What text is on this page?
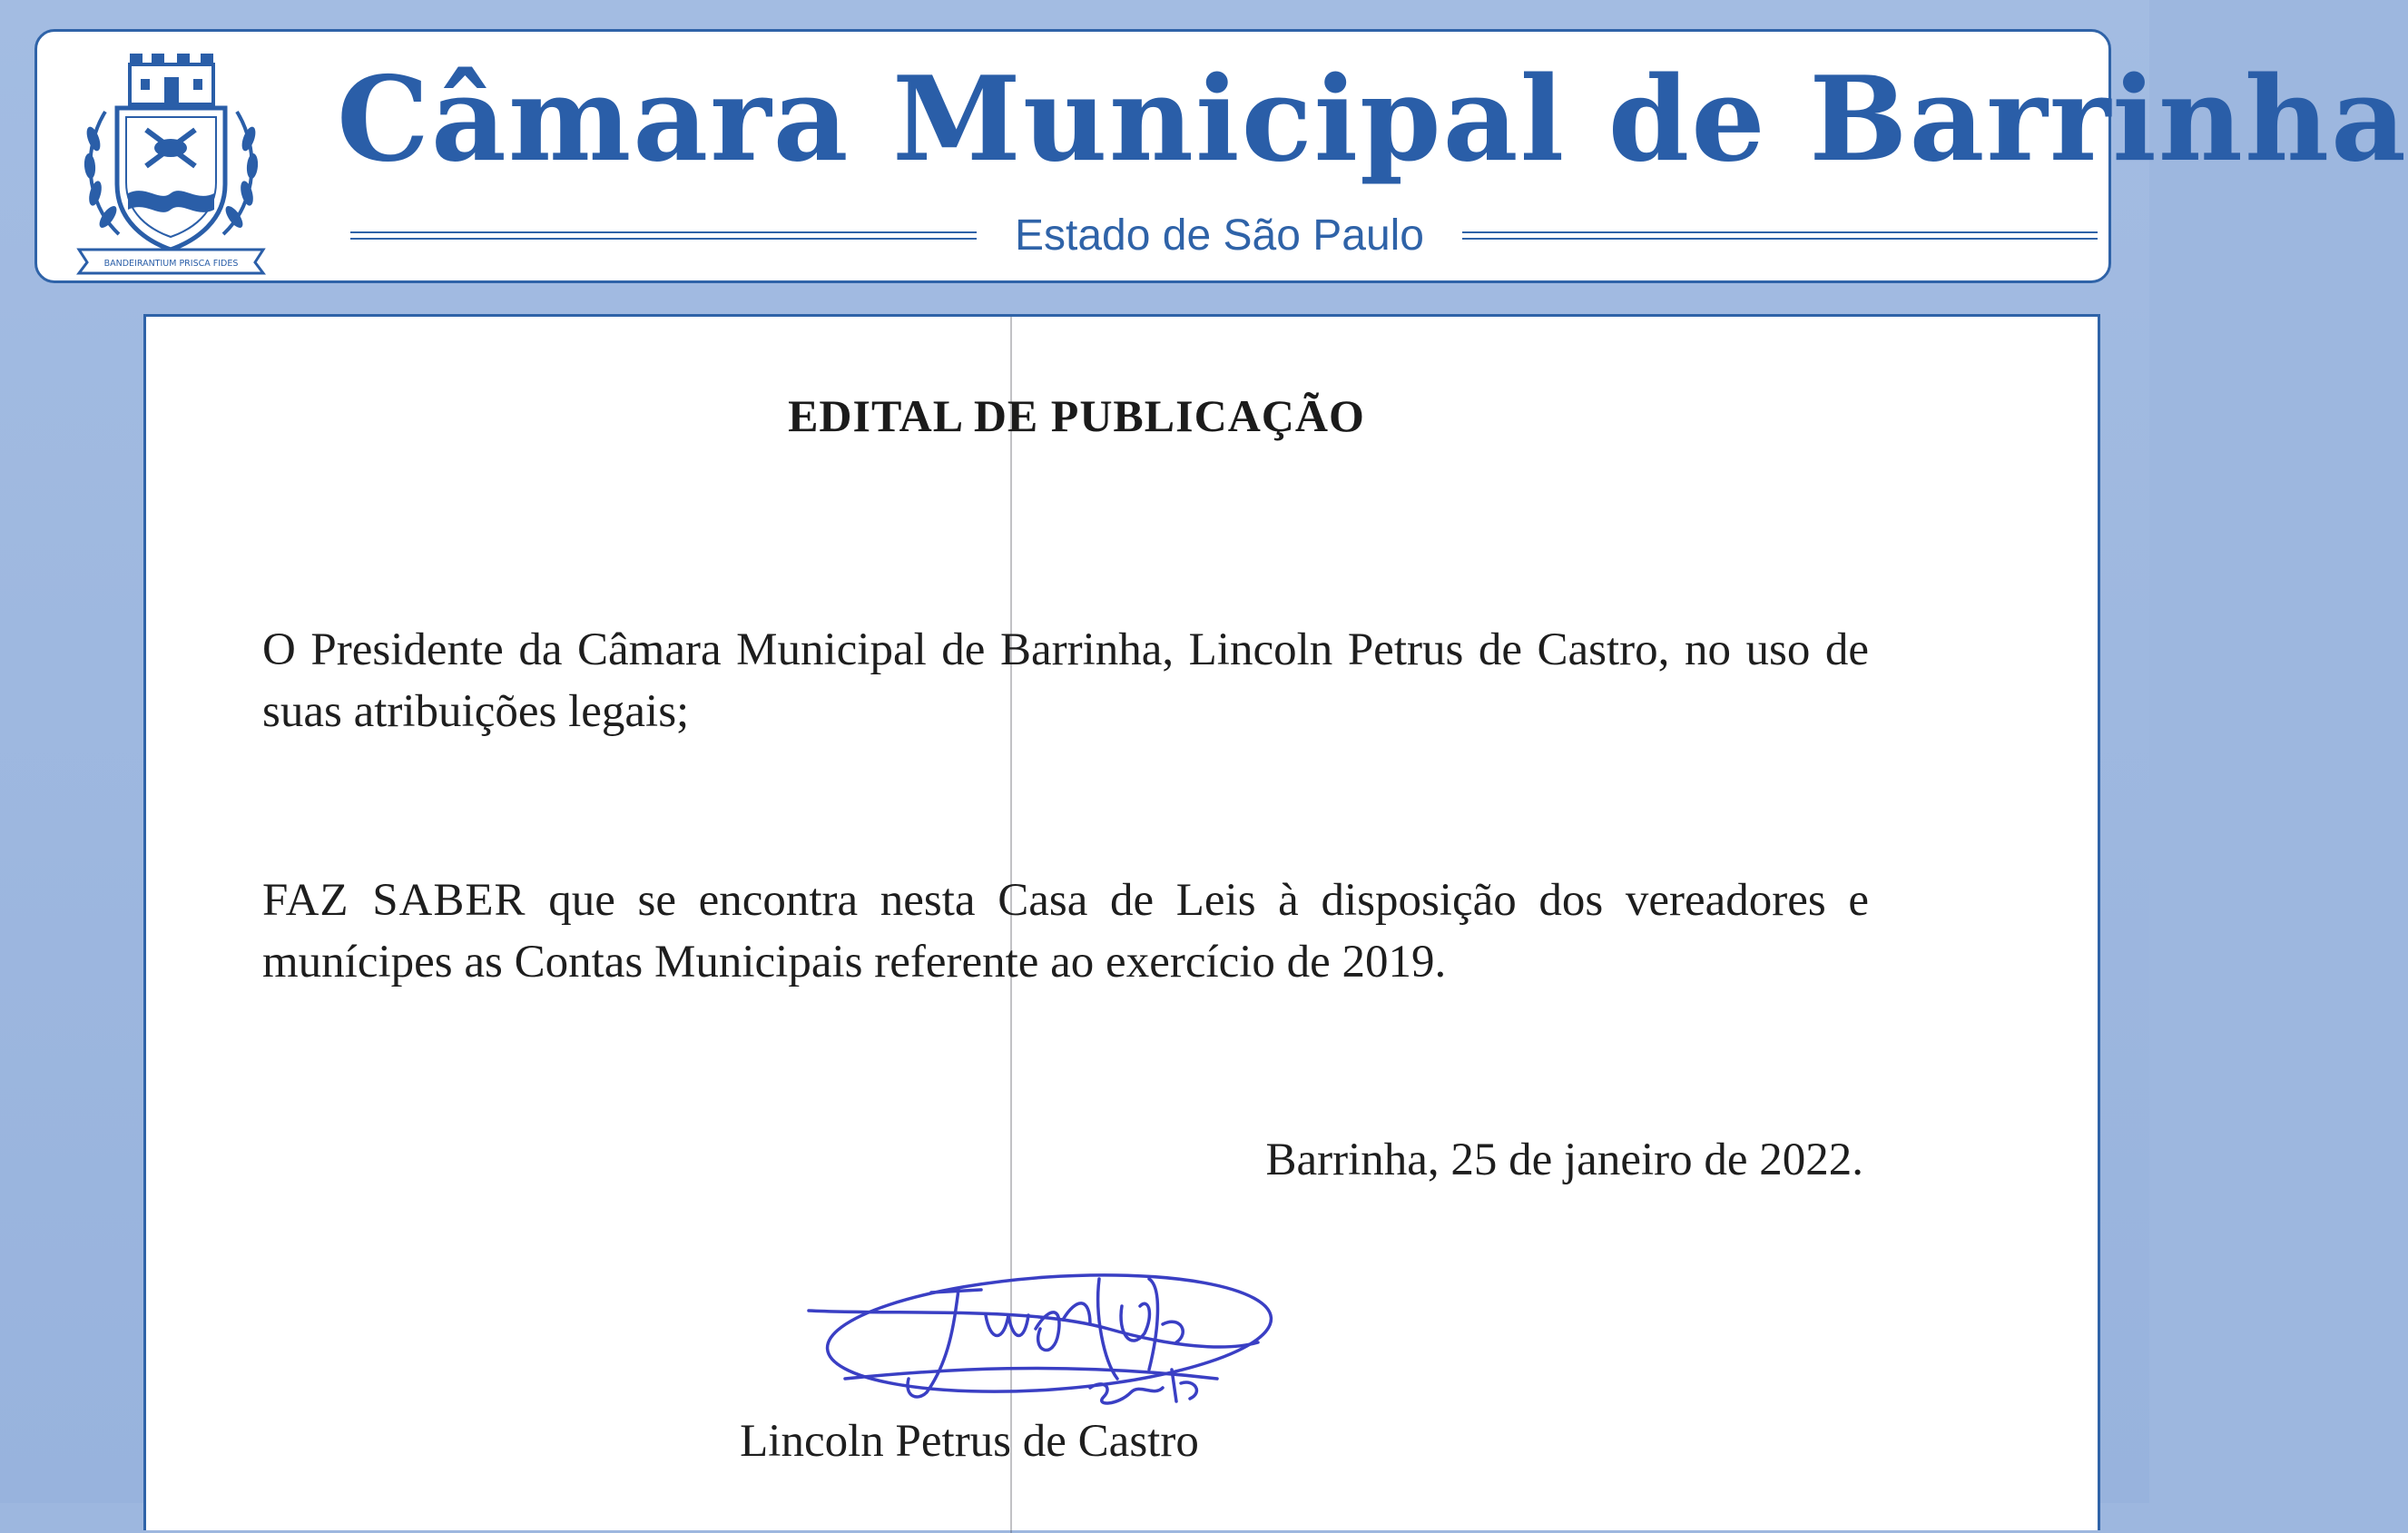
BANDEIRANTIUM PRISCA FIDES
Câmara Municipal de Barrinha
Estado de São Paulo
EDITAL DE PUBLICAÇÃO

O Presidente da Câmara Municipal de Barrinha, Lincoln Petrus de Castro, no uso de suas atribuições legais;

FAZ SABER que se encontra nesta Casa de Leis à disposição dos vereadores e munícipes as Contas Municipais referente ao exercício de 2019.

Barrinha, 25 de janeiro de 2022.
Lincoln Petrus de Castro
